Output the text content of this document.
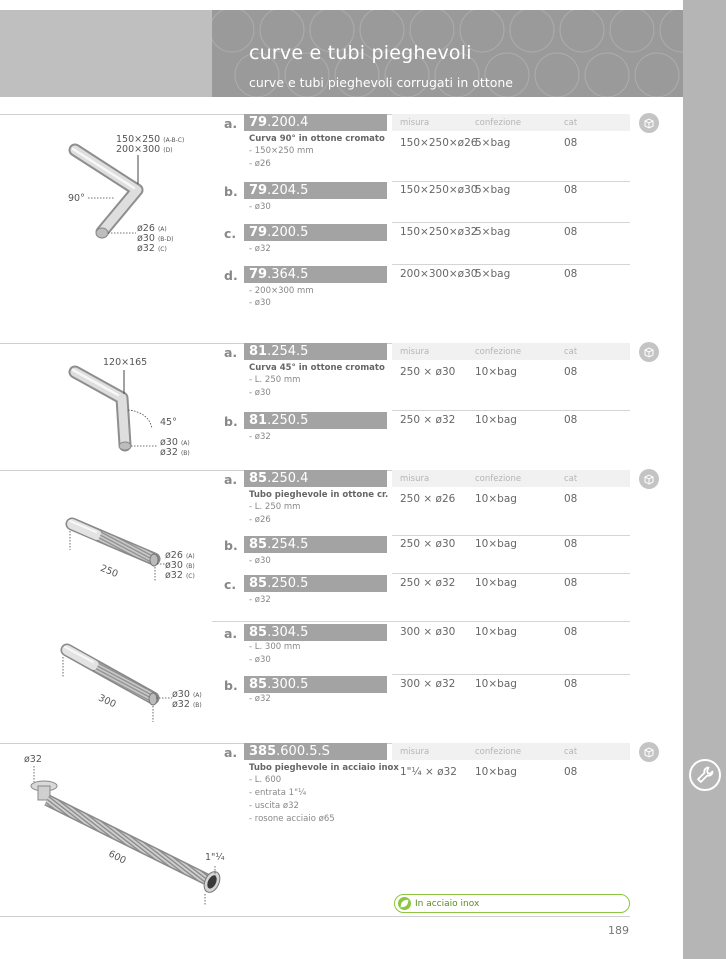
curve e tubi pieghevoli
curve e tubi pieghevoli corrugati in ottone
misura	confezione	cat
a. 79.200.4
Curva 90° in ottone cromato
- 150×250 mm
- ø26
150×250×ø26
5×bag	08
b. 79.204.5
- ø30
150×250×ø30
5×bag	08
c. 79.200.5
- ø32
150×250×ø32
5×bag	08
d. 79.364.5
- 200×300 mm
- ø30
200×300×ø30
5×bag	08
150×250 (A-B-C)
200×300 (D)
90°
ø26 (A)
ø30 (B-D)
ø32 (C)
misura	confezione	cat
a. 81.254.5
Curva 45° in ottone cromato
- L. 250 mm
- ø30
250 × ø30 10×bag	08
b. 81.250.5
- ø32
250 × ø32 10×bag	08
120×165
45°
ø30 (A)
ø32 (B)
misura	confezione	cat
a. 85.250.4
Tubo pieghevole in ottone cr.
- L. 250 mm
- ø26
250 × ø26 10×bag	08
b. 85.254.5
- ø30
250 × ø30 10×bag	08
c. 85.250.5
- ø32
250 × ø32 10×bag	08
a. 85.304.5
- L. 300 mm
- ø30
300 × ø30 10×bag	08
b. 85.300.5
- ø32
300 × ø32 10×bag	08
250
ø26 (A)
ø30 (B)
ø32 (C)
300	ø30 (A)
ø32 (B)
misura	confezione	cat
a. 385.600.5.S
Tubo pieghevole in acciaio inox
- L. 600
- entrata 1"¼
- uscita ø32
- rosone acciaio ø65
1"¼ × ø32 10×bag	08
ø32
600	1"¼
In acciaio inox
189
